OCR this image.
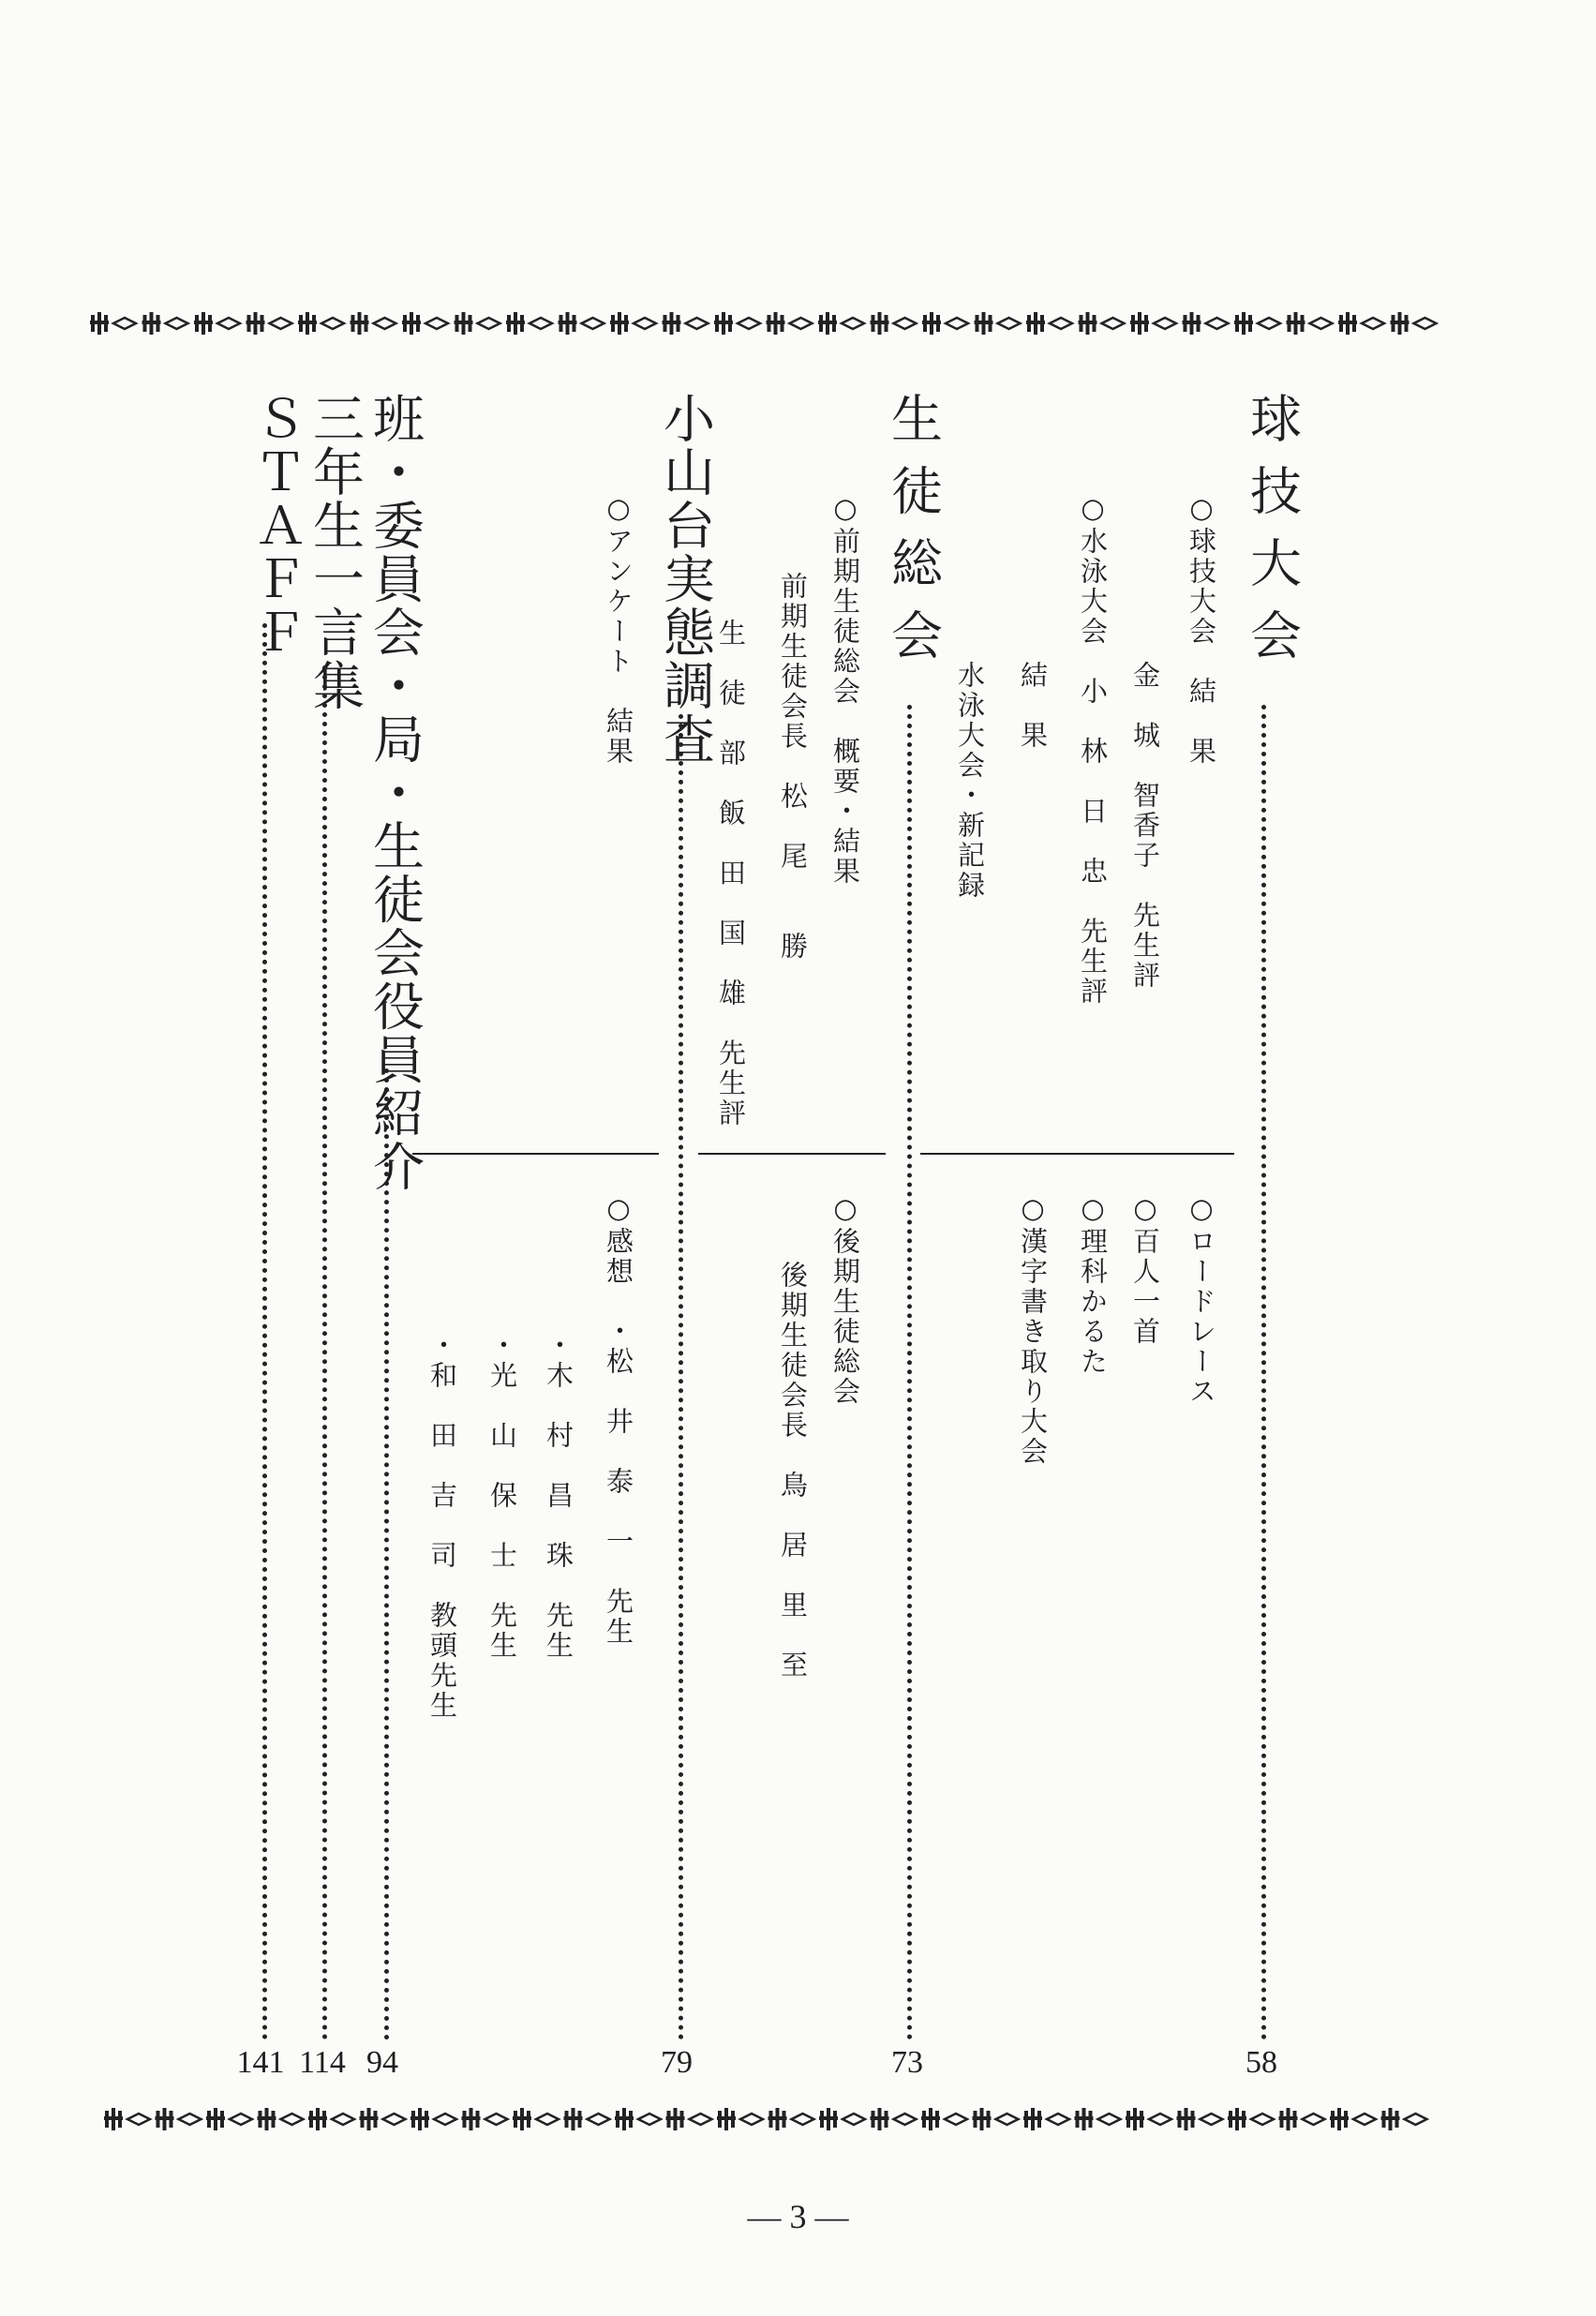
球技大会
58
○球技大会　結　果
金　城　智香子　先生評
○水泳大会　小　林　日　忠　先生評
結　果
水泳大会・新記録
○ロードレース
○百人一首
○理科かるた
○漢字書き取り大会
生徒総会
73
○前期生徒総会　概要・結果
前期生徒会長　松　尾　　勝
生　徒　部　飯　田　国　雄　先生評
○後期生徒総会
後期生徒会長　鳥　居　里　至
小山台実態調査
79
○アンケート　結果
○感想　・松　井　泰　一　先生
・木　村　昌　珠　先生
・光　山　保　士　先生
・和　田　吉　司　教頭先生
班・委員会・局・生徒会役員紹介
94
三年生一言集
114
ＳＴＡＦＦ
141
— 3 —
